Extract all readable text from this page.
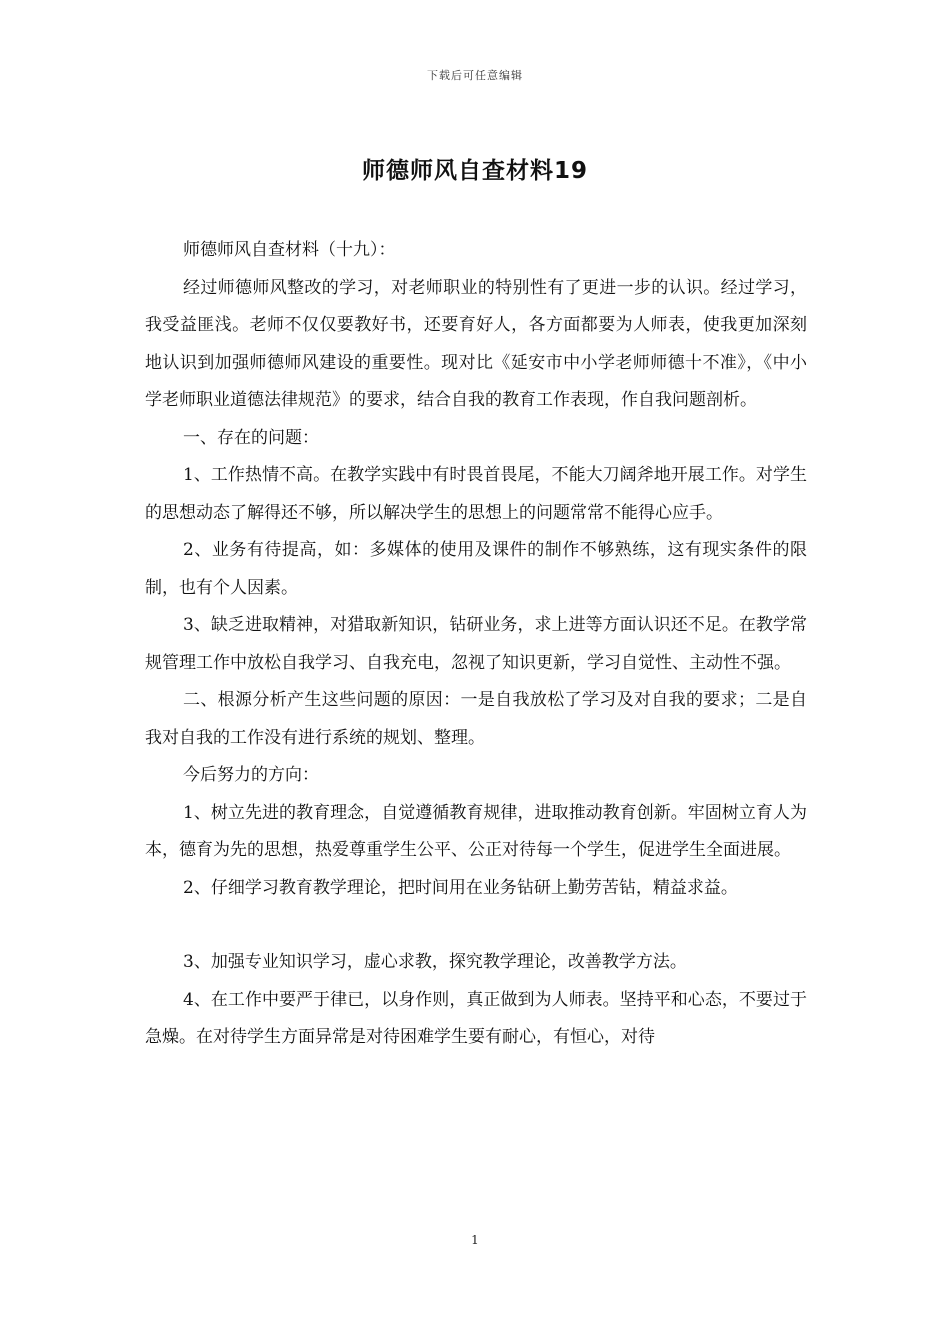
下载后可任意编辑
师德师风自查材料19

师德师风自查材料（十九）：

经过师德师风整改的学习，对老师职业的特别性有了更进一步的认识。经过学习，我受益匪浅。老师不仅仅要教好书，还要育好人，各方面都要为人师表，使我更加深刻地认识到加强师德师风建设的重要性。现对比《延安市中小学老师师德十不准》，《中小学老师职业道德法律规范》的要求，结合自我的教育工作表现，作自我问题剖析。

一、存在的问题：

1、工作热情不高。在教学实践中有时畏首畏尾，不能大刀阔斧地开展工作。对学生的思想动态了解得还不够，所以解决学生的思想上的问题常常不能得心应手。

2、业务有待提高，如：多媒体的使用及课件的制作不够熟练，这有现实条件的限制，也有个人因素。

3、缺乏进取精神，对猎取新知识，钻研业务，求上进等方面认识还不足。在教学常规管理工作中放松自我学习、自我充电，忽视了知识更新，学习自觉性、主动性不强。

二、根源分析产生这些问题的原因：一是自我放松了学习及对自我的要求；二是自我对自我的工作没有进行系统的规划、整理。

今后努力的方向：

1、树立先进的教育理念，自觉遵循教育规律，进取推动教育创新。牢固树立育人为本，德育为先的思想，热爱尊重学生公平、公正对待每一个学生，促进学生全面进展。

2、仔细学习教育教学理论，把时间用在业务钻研上勤劳苦钻，精益求益。

3、加强专业知识学习，虚心求教，探究教学理论，改善教学方法。

4、在工作中要严于律已，以身作则，真正做到为人师表。坚持平和心态，不要过于急燥。在对待学生方面异常是对待困难学生要有耐心，有恒心，对待

1
